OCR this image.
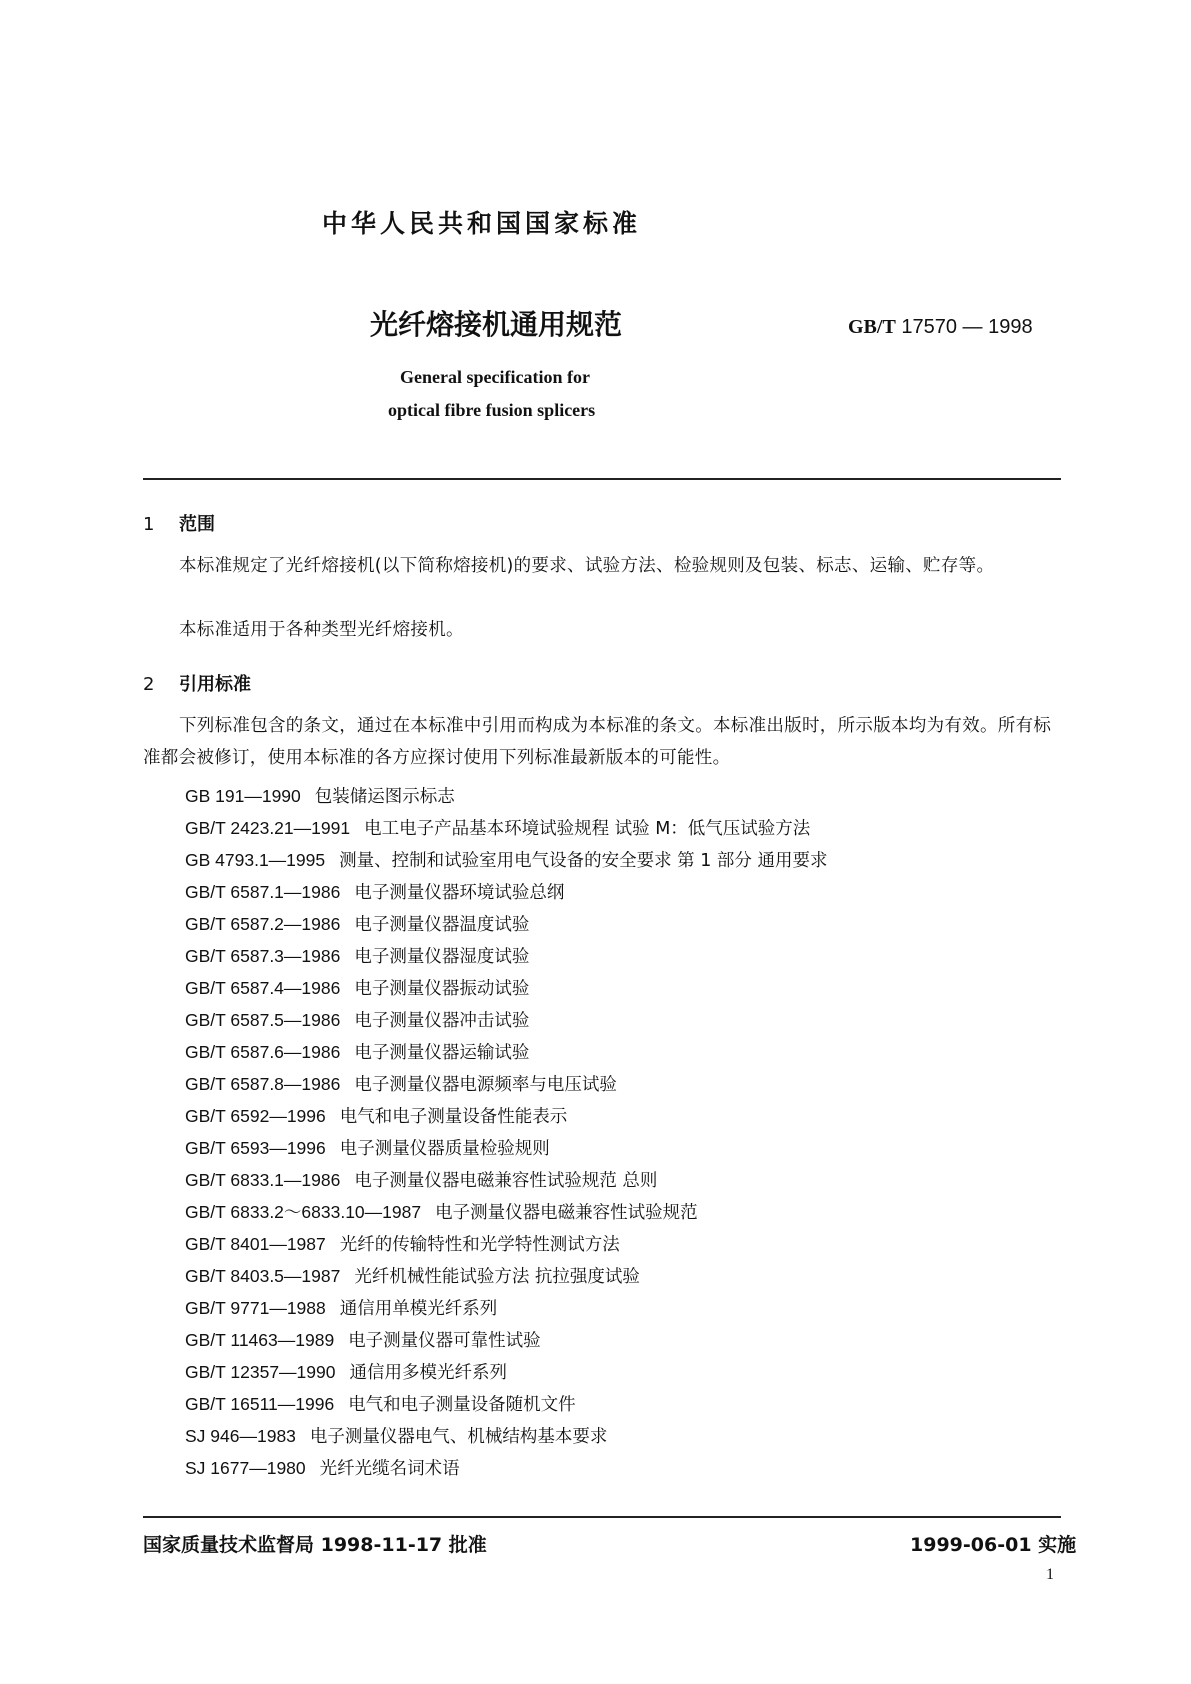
中华人民共和国国家标准
光纤熔接机通用规范	GB/T 17570 — 1998
General specification for
optical fibre fusion splicers
1 范围
本标准规定了光纤熔接机(以下简称熔接机)的要求、试验方法、检验规则及包装、标志、运输、贮存等。
本标准适用于各种类型光纤熔接机。
2 引用标准
下列标准包含的条文，通过在本标准中引用而构成为本标准的条文。本标准出版时，所示版本均为有效。所有标准都会被修订，使用本标准的各方应探讨使用下列标准最新版本的可能性。
GB 191—1990 包装储运图示标志
GB/T 2423.21—1991 电工电子产品基本环境试验规程 试验 M：低气压试验方法
GB 4793.1—1995 测量、控制和试验室用电气设备的安全要求 第 1 部分 通用要求
GB/T 6587.1—1986 电子测量仪器环境试验总纲
GB/T 6587.2—1986 电子测量仪器温度试验
GB/T 6587.3—1986 电子测量仪器湿度试验
GB/T 6587.4—1986 电子测量仪器振动试验
GB/T 6587.5—1986 电子测量仪器冲击试验
GB/T 6587.6—1986 电子测量仪器运输试验
GB/T 6587.8—1986 电子测量仪器电源频率与电压试验
GB/T 6592—1996 电气和电子测量设备性能表示
GB/T 6593—1996 电子测量仪器质量检验规则
GB/T 6833.1—1986 电子测量仪器电磁兼容性试验规范 总则
GB/T 6833.2～6833.10—1987 电子测量仪器电磁兼容性试验规范
GB/T 8401—1987 光纤的传输特性和光学特性测试方法
GB/T 8403.5—1987 光纤机械性能试验方法 抗拉强度试验
GB/T 9771—1988 通信用单模光纤系列
GB/T 11463—1989 电子测量仪器可靠性试验
GB/T 12357—1990 通信用多模光纤系列
GB/T 16511—1996 电气和电子测量设备随机文件
SJ 946—1983 电子测量仪器电气、机械结构基本要求
SJ 1677—1980 光纤光缆名词术语
国家质量技术监督局 1998-11-17 批准	1999-06-01 实施
1
